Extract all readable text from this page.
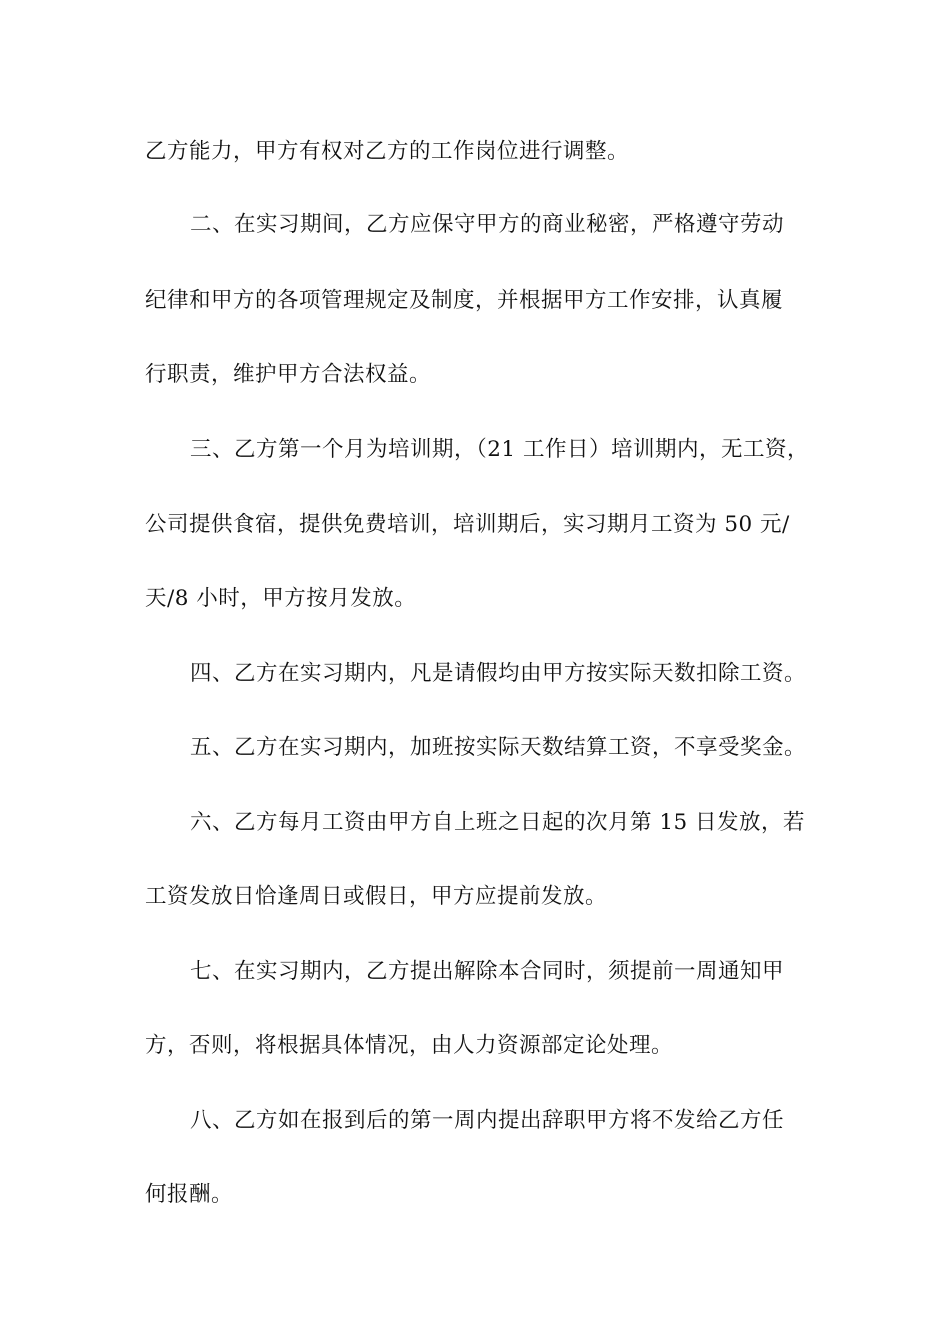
乙方能力，甲方有权对乙方的工作岗位进行调整。
二、在实习期间，乙方应保守甲方的商业秘密，严格遵守劳动
纪律和甲方的各项管理规定及制度，并根据甲方工作安排，认真履
行职责，维护甲方合法权益。
三、乙方第一个月为培训期，（21 工作日）培训期内，无工资，
公司提供食宿，提供免费培训，培训期后，实习期月工资为 50 元/
天/8 小时，甲方按月发放。
四、乙方在实习期内，凡是请假均由甲方按实际天数扣除工资。
五、乙方在实习期内，加班按实际天数结算工资，不享受奖金。
六、乙方每月工资由甲方自上班之日起的次月第 15 日发放，若
工资发放日恰逢周日或假日，甲方应提前发放。
七、在实习期内，乙方提出解除本合同时，须提前一周通知甲
方，否则，将根据具体情况，由人力资源部定论处理。
八、乙方如在报到后的第一周内提出辞职甲方将不发给乙方任
何报酬。
